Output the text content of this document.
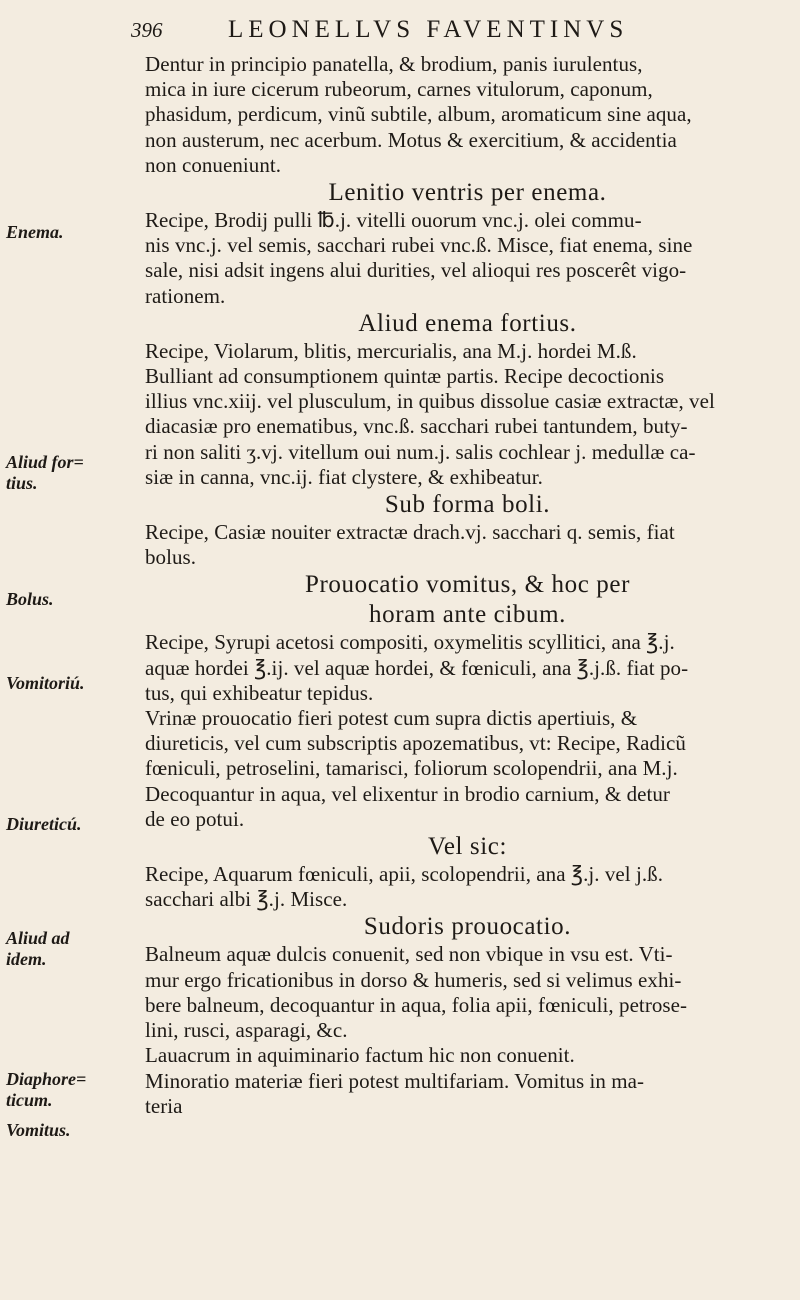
396	LEONELLVS FAVENTINVS
Enema.
Aliud for=
tius.
Bolus.
Vomitoriú.
Diureticú.
Aliud ad
idem.
Diaphore=
ticum.
Vomitus.
Dentur in principio panatella, & brodium, panis iurulentus,
mica in iure cicerum rubeorum, carnes vitulorum, caponum,
phasidum, perdicum, vinũ subtile, album, aromaticum sine aqua,
non austerum, nec acerbum. Motus & exercitium, & accidentia
non conueniunt.
Lenitio ventris per enema.
Recipe, Brodij pulli ℔.j. vitelli ouorum vnc.j. olei commu-
nis vnc.j. vel semis, sacchari rubei vnc.ß. Misce, fiat enema, sine
sale, nisi adsit ingens alui durities, vel alioqui res poscerêt vigo-
rationem.
Aliud enema fortius.
Recipe, Violarum, blitis, mercurialis, ana M.j. hordei M.ß.
Bulliant ad consumptionem quintæ partis. Recipe decoctionis
illius vnc.xiij. vel plusculum, in quibus dissolue casiæ extractæ, vel
diacasiæ pro enematibus, vnc.ß. sacchari rubei tantundem, buty-
ri non saliti ʒ.vj. vitellum oui num.j. salis cochlear j. medullæ ca-
siæ in canna, vnc.ij. fiat clystere, & exhibeatur.
Sub forma boli.
Recipe, Casiæ nouiter extractæ drach.vj. sacchari q. semis, fiat
bolus.
Prouocatio vomitus, & hoc per
horam ante cibum.
Recipe, Syrupi acetosi compositi, oxymelitis scyllitici, ana ℥.j.
aquæ hordei ℥.ij. vel aquæ hordei, & fœniculi, ana ℥.j.ß. fiat po-
tus, qui exhibeatur tepidus.
Vrinæ prouocatio fieri potest cum supra dictis apertiuis, &
diureticis, vel cum subscriptis apozematibus, vt: Recipe, Radicũ
fœniculi, petroselini, tamarisci, foliorum scolopendrii, ana M.j.
Decoquantur in aqua, vel elixentur in brodio carnium, & detur
de eo potui.
Vel sic:
Recipe, Aquarum fœniculi, apii, scolopendrii, ana ℥.j. vel j.ß.
sacchari albi ℥.j. Misce.
Sudoris prouocatio.
Balneum aquæ dulcis conuenit, sed non vbique in vsu est. Vti-
mur ergo fricationibus in dorso & humeris, sed si velimus exhi-
bere balneum, decoquantur in aqua, folia apii, fœniculi, petrose-
lini, rusci, asparagi, &c.
Lauacrum in aquiminario factum hic non conuenit.
Minoratio materiæ fieri potest multifariam. Vomitus in ma-
teria
